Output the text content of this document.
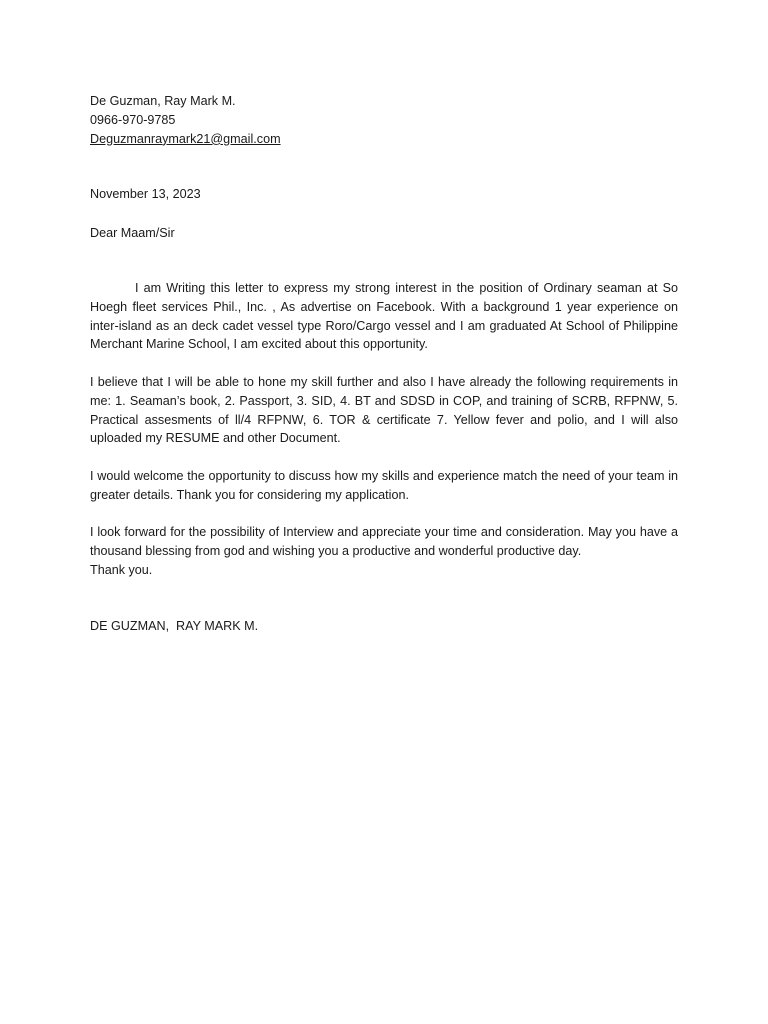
De Guzman, Ray Mark M.
0966-970-9785
Deguzmanraymark21@gmail.com
November 13, 2023
Dear Maam/Sir

I am Writing this letter to express my strong interest in the position of Ordinary seaman at So Hoegh fleet services Phil., Inc. , As advertise on Facebook. With a background 1 year experience on inter-island as an deck cadet vessel type Roro/Cargo vessel and I am graduated At School of Philippine Merchant Marine School, I am excited about this opportunity.

I believe that I will be able to hone my skill further and also I have already the following requirements in me: 1. Seaman’s book, 2. Passport, 3. SID, 4. BT and SDSD in COP, and training of SCRB, RFPNW, 5. Practical assesments of ll/4 RFPNW, 6. TOR & certificate 7. Yellow fever and polio, and I will also uploaded my RESUME and other Document.

I would welcome the opportunity to discuss how my skills and experience match the need of your team in greater details. Thank you for considering my application.

I look forward for the possibility of Interview and appreciate your time and consideration. May you have a thousand blessing from god and wishing you a productive and wonderful productive day.

Thank you.
DE GUZMAN,  RAY MARK M.
